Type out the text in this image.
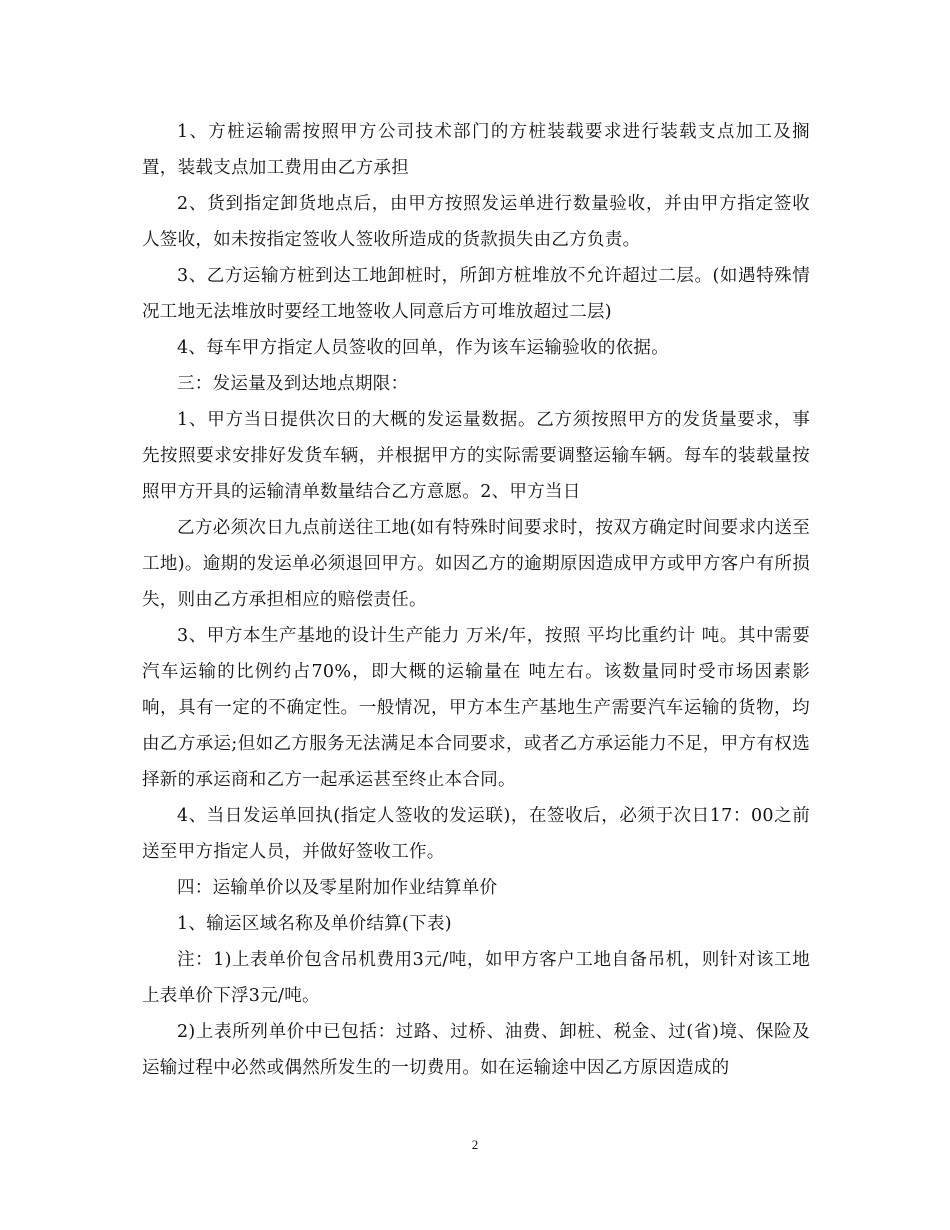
1、方桩运输需按照甲方公司技术部门的方桩装载要求进行装载支点加工及搁置，装载支点加工费用由乙方承担

2、货到指定卸货地点后，由甲方按照发运单进行数量验收，并由甲方指定签收人签收，如未按指定签收人签收所造成的货款损失由乙方负责。

3、乙方运输方桩到达工地卸桩时，所卸方桩堆放不允许超过二层。(如遇特殊情况工地无法堆放时要经工地签收人同意后方可堆放超过二层)

4、每车甲方指定人员签收的回单，作为该车运输验收的依据。

三：发运量及到达地点期限：

1、甲方当日提供次日的大概的发运量数据。乙方须按照甲方的发货量要求，事先按照要求安排好发货车辆，并根据甲方的实际需要调整运输车辆。每车的装载量按照甲方开具的运输清单数量结合乙方意愿。2、甲方当日

乙方必须次日九点前送往工地(如有特殊时间要求时，按双方确定时间要求内送至工地)。逾期的发运单必须退回甲方。如因乙方的逾期原因造成甲方或甲方客户有所损失，则由乙方承担相应的赔偿责任。

3、甲方本生产基地的设计生产能力 万米/年，按照 平均比重约计 吨。其中需要汽车运输的比例约占70%，即大概的运输量在 吨左右。该数量同时受市场因素影响，具有一定的不确定性。一般情况，甲方本生产基地生产需要汽车运输的货物，均由乙方承运;但如乙方服务无法满足本合同要求，或者乙方承运能力不足，甲方有权选择新的承运商和乙方一起承运甚至终止本合同。

4、当日发运单回执(指定人签收的发运联)，在签收后，必须于次日17：00之前送至甲方指定人员，并做好签收工作。

四：运输单价以及零星附加作业结算单价

1、输运区域名称及单价结算(下表)

注：1)上表单价包含吊机费用3元/吨，如甲方客户工地自备吊机，则针对该工地上表单价下浮3元/吨。

2)上表所列单价中已包括：过路、过桥、油费、卸桩、税金、过(省)境、保险及运输过程中必然或偶然所发生的一切费用。如在运输途中因乙方原因造成的

2
